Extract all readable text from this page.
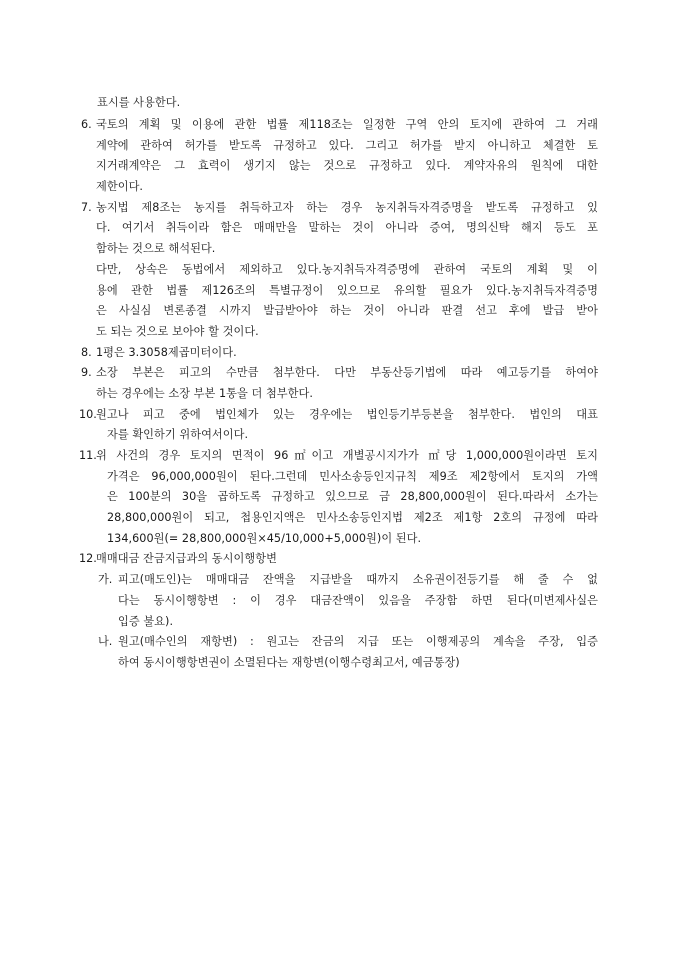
표시를 사용한다.
6. 국토의 계획 및 이용에 관한 법률 제118조는 일정한 구역 안의 토지에 관하여 그 거래
계약에 관하여 허가를 받도록 규정하고 있다. 그리고 허가를 받지 아니하고 체결한 토
지거래계약은 그 효력이 생기지 않는 것으로 규정하고 있다. 계약자유의 원칙에 대한
제한이다.
7. 농지법 제8조는 농지를 취득하고자 하는 경우 농지취득자격증명을 받도록 규정하고 있
다. 여기서 취득이라 함은 매매만을 말하는 것이 아니라 증여, 명의신탁 해지 등도 포
함하는 것으로 해석된다.
다만, 상속은 동법에서 제외하고 있다.농지취득자격증명에 관하여 국토의 계획 및 이
용에 관한 법률 제126조의 특별규정이 있으므로 유의할 필요가 있다.농지취득자격증명
은 사실심 변론종결 시까지 발급받아야 하는 것이 아니라 판결 선고 후에 발급 받아
도 되는 것으로 보아야 할 것이다.
8. 1평은 3.3058제곱미터이다.
9. 소장 부본은 피고의 수만큼 첨부한다. 다만 부동산등기법에 따라 예고등기를 하여야
하는 경우에는 소장 부본 1통을 더 첨부한다.
10. 원고나 피고 중에 법인체가 있는 경우에는 법인등기부등본을 첨부한다. 법인의 대표
자를 확인하기 위하여서이다.
11. 위 사건의 경우 토지의 면적이 96㎡이고 개별공시지가가 ㎡당 1,000,000원이라면 토지
가격은 96,000,000원이 된다.그런데 민사소송등인지규칙 제9조 제2항에서 토지의 가액
은 100분의 30을 곱하도록 규정하고 있으므로 금 28,800,000원이 된다.따라서 소가는
28,800,000원이 되고, 첩용인지액은 민사소송등인지법 제2조 제1항 2호의 규정에 따라
134,600원(= 28,800,000원×45/10,000+5,000원)이 된다.
12. 매매대금 잔금지급과의 동시이행항변
가. 피고(매도인)는 매매대금 잔액을 지급받을 때까지 소유권이전등기를 해 줄 수 없
다는 동시이행항변 : 이 경우 대금잔액이 있음을 주장함 하면 된다(미변제사실은
입증 불요).
나. 원고(매수인의 재항변) : 원고는 잔금의 지급 또는 이행제공의 계속을 주장, 입증
하여 동시이행항변권이 소멸된다는 재항변(이행수령최고서, 예금통장)
